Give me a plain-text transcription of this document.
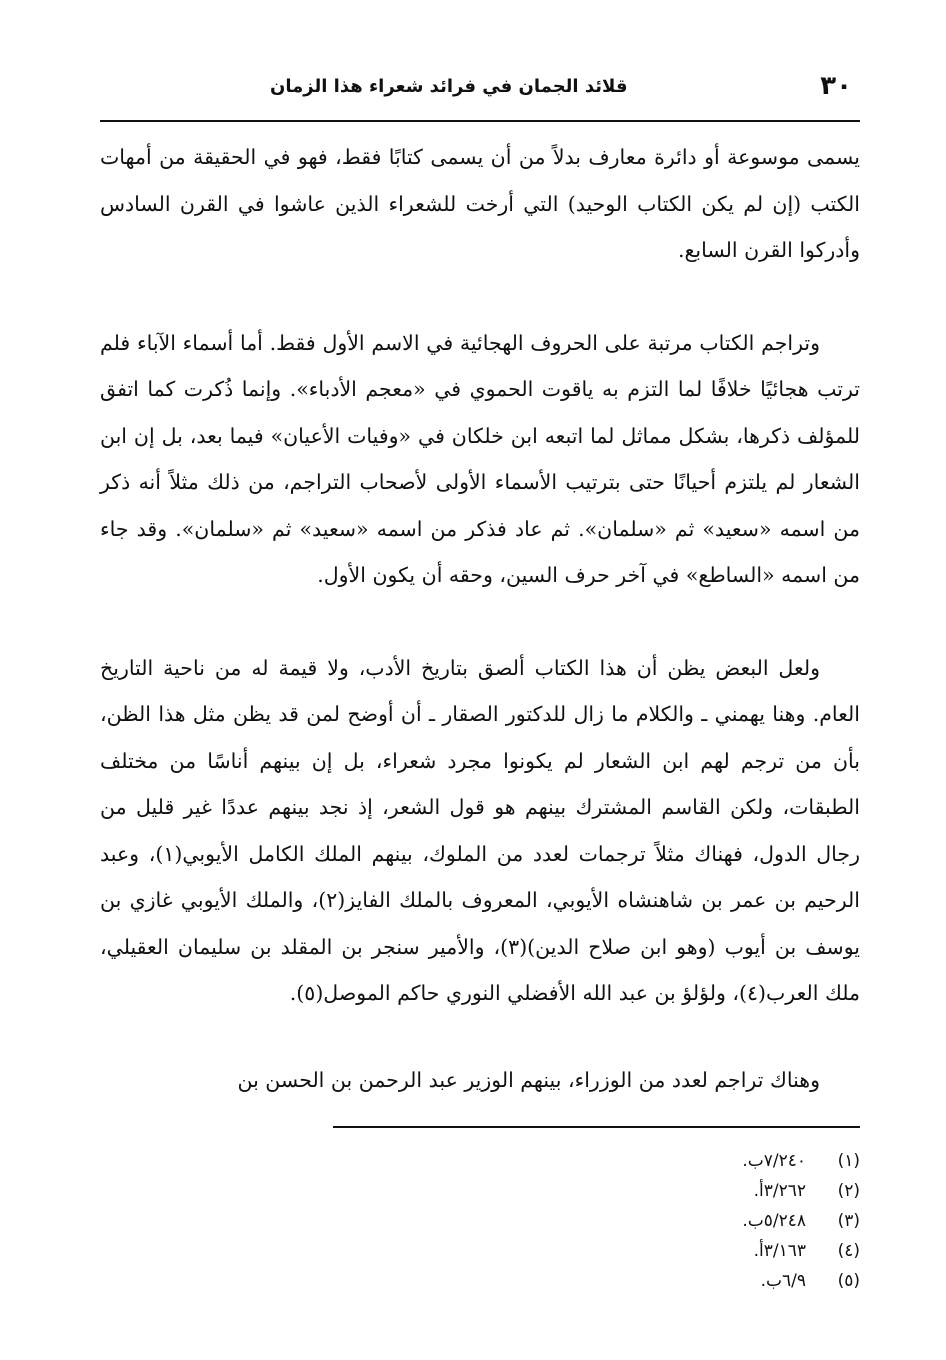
٣٠
قلائد الجمان في فرائد شعراء هذا الزمان

يسمى موسوعة أو دائرة معارف بدلاً من أن يسمى كتابًا فقط، فهو في الحقيقة من أمهات الكتب (إن لم يكن الكتاب الوحيد) التي أرخت للشعراء الذين عاشوا في القرن السادس وأدركوا القرن السابع.

وتراجم الكتاب مرتبة على الحروف الهجائية في الاسم الأول فقط. أما أسماء الآباء فلم ترتب هجائيًا خلافًا لما التزم به ياقوت الحموي في «معجم الأدباء». وإنما ذُكرت كما اتفق للمؤلف ذكرها، بشكل مماثل لما اتبعه ابن خلكان في «وفيات الأعيان» فيما بعد، بل إن ابن الشعار لم يلتزم أحيانًا حتى بترتيب الأسماء الأولى لأصحاب التراجم، من ذلك مثلاً أنه ذكر من اسمه «سعيد» ثم «سلمان». ثم عاد فذكر من اسمه «سعيد» ثم «سلمان». وقد جاء من اسمه «الساطع» في آخر حرف السين، وحقه أن يكون الأول.

ولعل البعض يظن أن هذا الكتاب ألصق بتاريخ الأدب، ولا قيمة له من ناحية التاريخ العام. وهنا يهمني ـ والكلام ما زال للدكتور الصقار ـ أن أوضح لمن قد يظن مثل هذا الظن، بأن من ترجم لهم ابن الشعار لم يكونوا مجرد شعراء، بل إن بينهم أناسًا من مختلف الطبقات، ولكن القاسم المشترك بينهم هو قول الشعر، إذ نجد بينهم عددًا غير قليل من رجال الدول، فهناك مثلاً ترجمات لعدد من الملوك، بينهم الملك الكامل الأيوبي(١)، وعبد الرحيم بن عمر بن شاهنشاه الأيوبي، المعروف بالملك الفايز(٢)، والملك الأيوبي غازي بن يوسف بن أيوب (وهو ابن صلاح الدين)(٣)، والأمير سنجر بن المقلد بن سليمان العقيلي، ملك العرب(٤)، ولؤلؤ بن عبد الله الأفضلي النوري حاكم الموصل(٥).

وهناك تراجم لعدد من الوزراء، بينهم الوزير عبد الرحمن بن الحسن بن

(١)
٧/٢٤٠ب.
(٢)
٣/٢٦٢أ.
(٣)
٥/٢٤٨ب.
(٤)
٣/١٦٣أ.
(٥)
٦/٩ب.
